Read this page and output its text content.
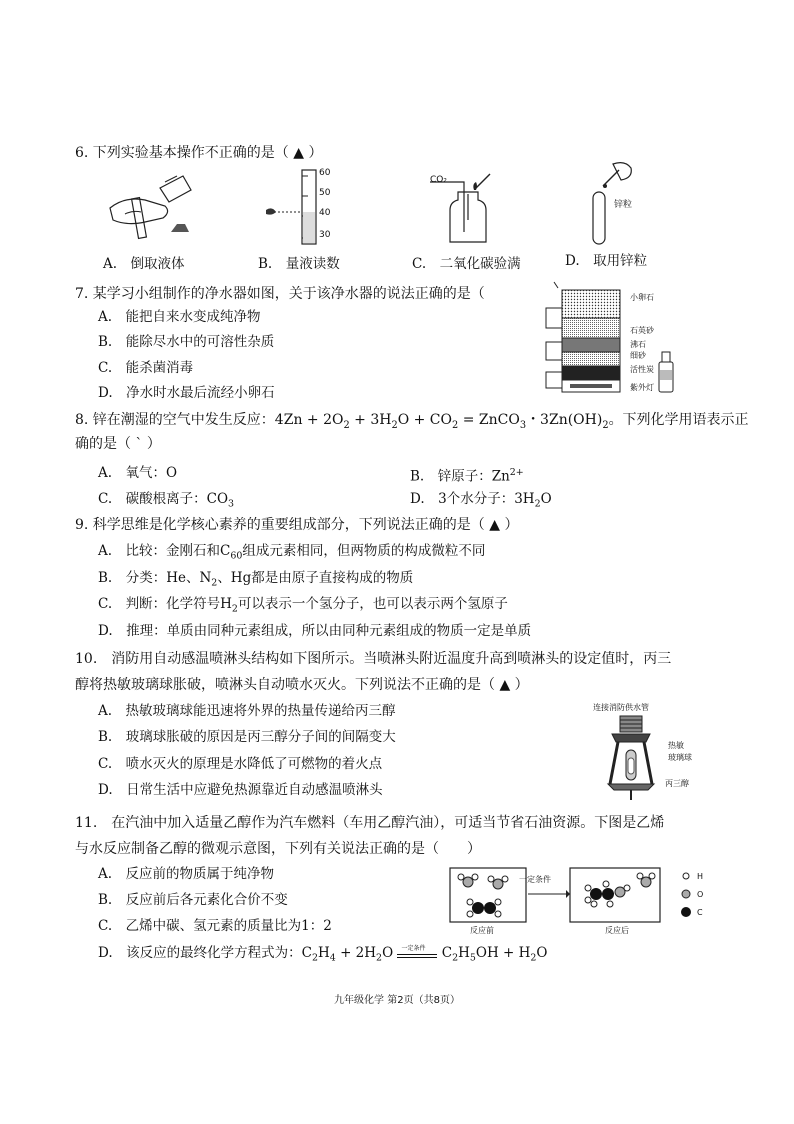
6. 下列实验基本操作不正确的是（ ▲ ）
60
50
40
30
CO₂
锌粒
A.　倒取液体	B.　量液读数	C.　二氧化碳验满	D.　取用锌粒
7. 某学习小组制作的净水器如图，关于该净水器的说法正确的是（
A.　能把自来水变成纯净物
B.　能除尽水中的可溶性杂质
C.　能杀菌消毒
D.　净水时水最后流经小卵石
小卵石
石英砂
沸石
细砂
活性炭
紫外灯
8. 锌在潮湿的空气中发生反应：$4Zn + 2O_2 + 3H_2O + CO_2$ = ZnCO$_3$・$3Zn(OH)_2$。下列化学用语表示正
确的是（ ˋ ）
A.　氧气：O	B.　锌原子：$Zn^{2+}$
C.　碳酸根离子：$CO_3$	D.　3个水分子：$3H_2O$
9. 科学思维是化学核心素养的重要组成部分，下列说法正确的是（ ▲ ）
A.　比较：金刚石和$C_{60}$组成元素相同，但两物质的构成微粒不同
B.　分类：He、$N_2$、Hg都是由原子直接构成的物质
C.　判断：化学符号$H_2$可以表示一个氢分子，也可以表示两个氢原子
D.　推理：单质由同种元素组成，所以由同种元素组成的物质一定是单质
10.　消防用自动感温喷淋头结构如下图所示。当喷淋头附近温度升高到喷淋头的设定值时，丙三
醇将热敏玻璃球胀破，喷淋头自动喷水灭火。下列说法不正确的是（ ▲ ）
A.　热敏玻璃球能迅速将外界的热量传递给丙三醇
B.　玻璃球胀破的原因是丙三醇分子间的间隔变大
C.　喷水灭火的原理是水降低了可燃物的着火点
D.　日常生活中应避免热源靠近自动感温喷淋头
连接消防供水管
热敏
玻璃球
丙三醇
11.　在汽油中加入适量乙醇作为汽车燃料（车用乙醇汽油），可适当节省石油资源。下图是乙烯
与水反应制备乙醇的微观示意图，下列有关说法正确的是（　　）
A.　反应前的物质属于纯净物
B.　反应前后各元素化合价不变
C.　乙烯中碳、氢元素的质量比为1：2
D.　该反应的最终化学方程式为：$C_2H_4 + 2H_2O$ 一定条件 $C_2H_5OH + H_2O$
一定条件
反应前	反应后
H
O
C
九年级化学 第2页（共8页）
